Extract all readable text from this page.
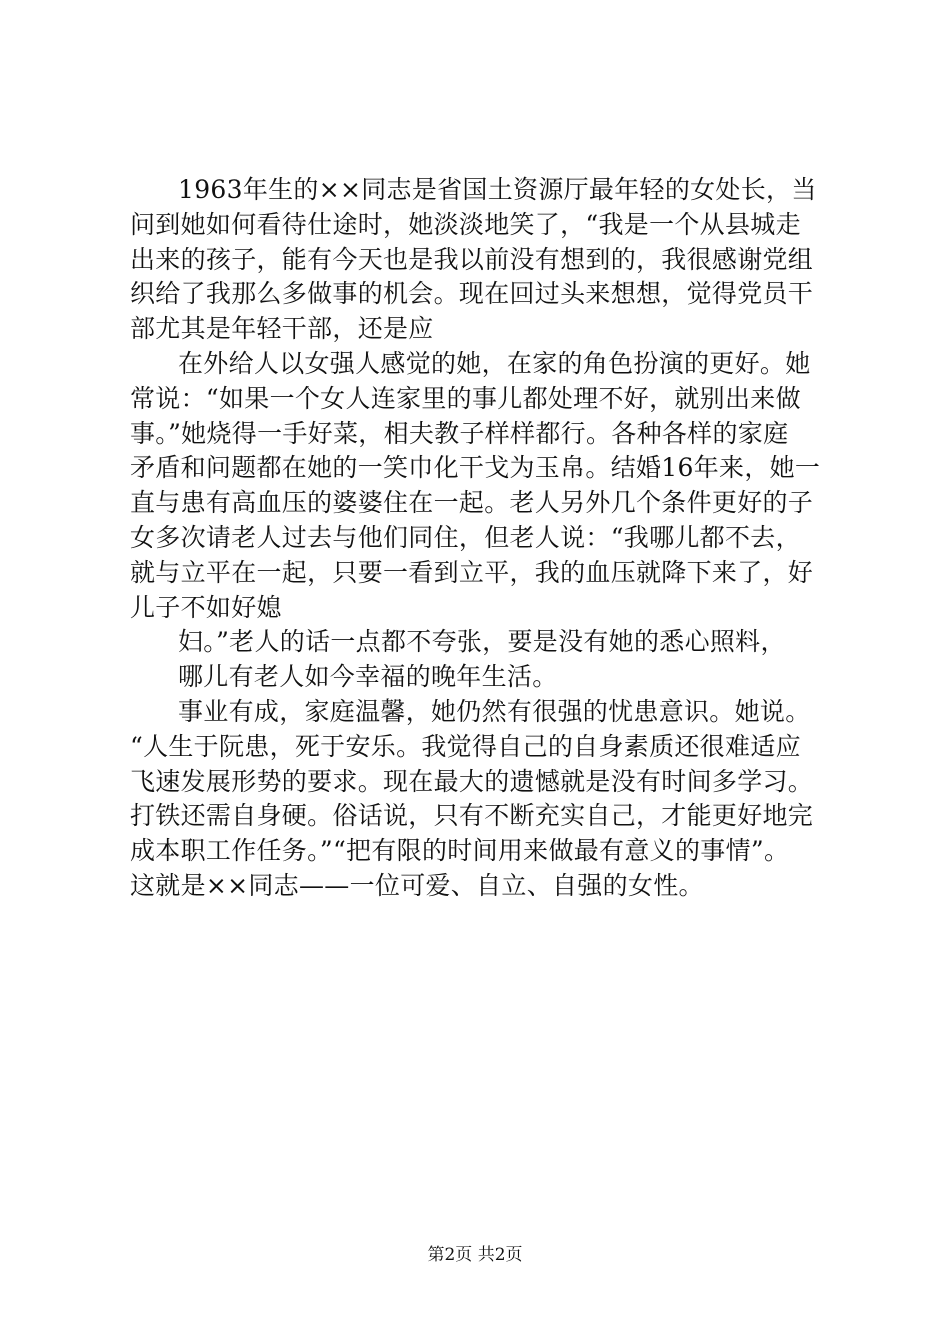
1963年生的××同志是省国土资源厅最年轻的女处长，当
问到她如何看待仕途时，她淡淡地笑了，“我是一个从县城走
出来的孩子，能有今天也是我以前没有想到的，我很感谢党组
织给了我那么多做事的机会。现在回过头来想想，觉得党员干
部尤其是年轻干部，还是应
在外给人以女强人感觉的她，在家的角色扮演的更好。她
常说：“如果一个女人连家里的事儿都处理不好，就别出来做
事。”她烧得一手好菜，相夫教子样样都行。各种各样的家庭
矛盾和问题都在她的一笑巾化干戈为玉帛。结婚16年来，她一
直与患有高血压的婆婆住在一起。老人另外几个条件更好的子
女多次请老人过去与他们同住，但老人说：“我哪儿都不去，
就与立平在一起，只要一看到立平，我的血压就降下来了，好
儿子不如好媳
妇。”老人的话一点都不夸张，要是没有她的悉心照料，
哪儿有老人如今幸福的晚年生活。
事业有成，家庭温馨，她仍然有很强的忧患意识。她说。
“人生于阮患，死于安乐。我觉得自己的自身素质还很难适应
飞速发展形势的要求。现在最大的遗憾就是没有时间多学习。
打铁还需自身硬。俗话说，只有不断充实自己，才能更好地完
成本职工作任务。”“把有限的时间用来做最有意义的事情”。
这就是××同志——一位可爱、自立、自强的女性。
第2页 共2页
